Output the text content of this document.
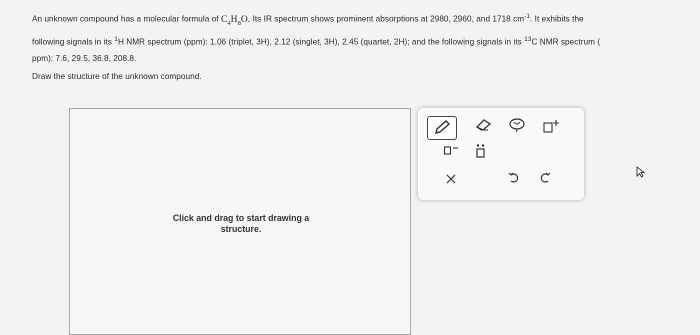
An unknown compound has a molecular formula of $C_4H_8O$. Its IR spectrum shows prominent absorptions at 2980, 2960, and 1718 $cm^{-1}$. It exhibits the
following signals in its $^1$H NMR spectrum (ppm): 1.06 (triplet, 3H), 2.12 (singlet, 3H), 2.45 (quartet, 2H); and the following signals in its $^{13}$C NMR spectrum (
ppm): 7.6, 29.5, 36.8, 208.8.
Draw the structure of the unknown compound.
Click and drag to start drawing a
structure.
